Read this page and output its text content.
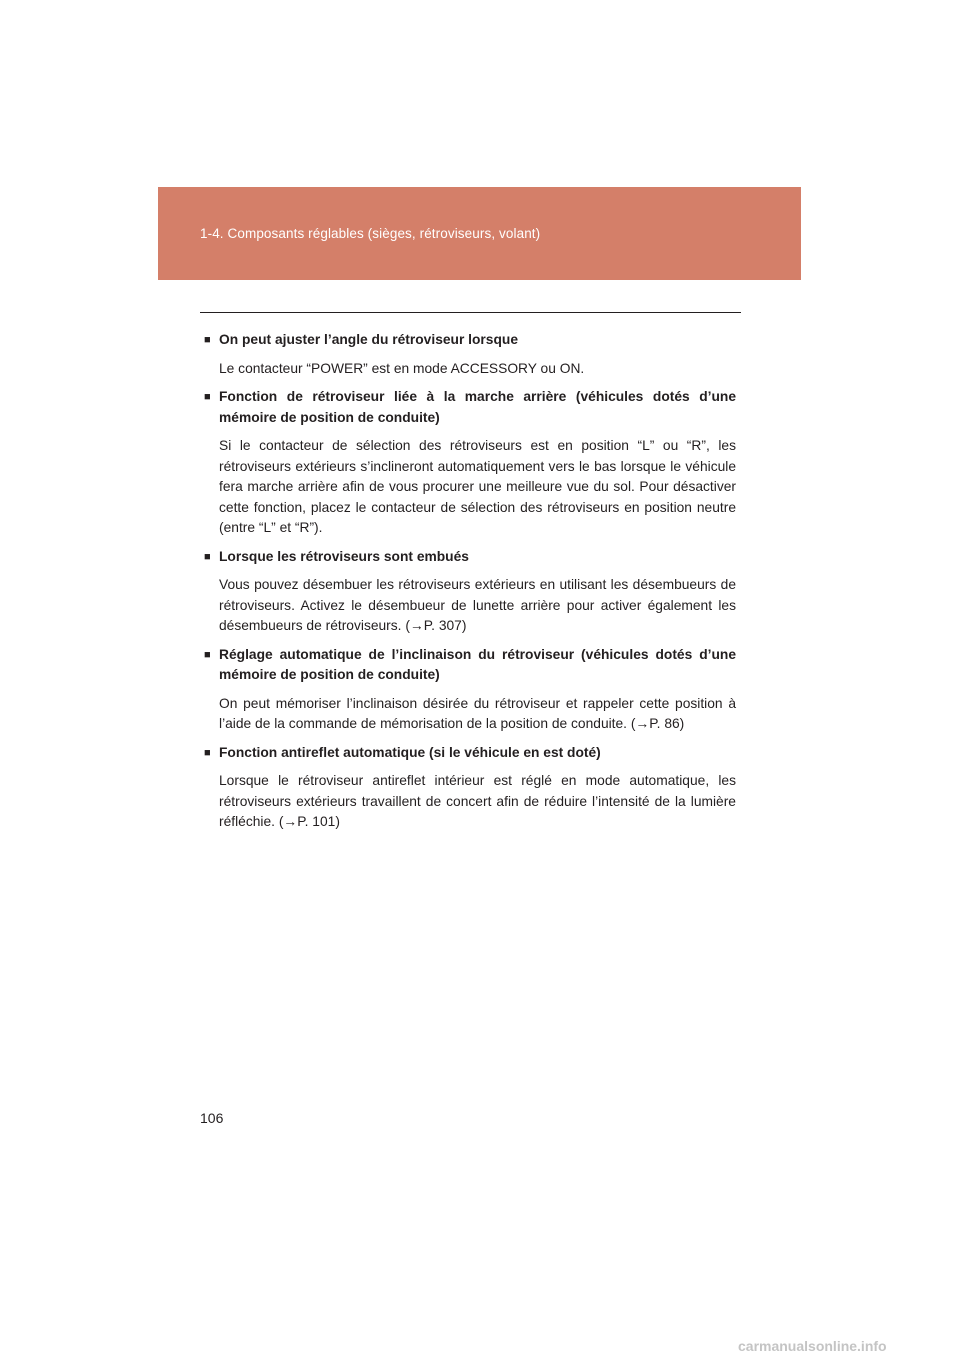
1-4. Composants réglables (sièges, rétroviseurs, volant)
■ On peut ajuster l’angle du rétroviseur lorsque
Le contacteur “POWER” est en mode ACCESSORY ou ON.
■ Fonction de rétroviseur liée à la marche arrière (véhicules dotés d’une mémoire de position de conduite)
Si le contacteur de sélection des rétroviseurs est en position “L” ou “R”, les rétroviseurs extérieurs s’inclineront automatiquement vers le bas lorsque le véhicule fera marche arrière afin de vous procurer une meilleure vue du sol. Pour désactiver cette fonction, placez le contacteur de sélection des rétroviseurs en position neutre (entre “L” et “R”).
■ Lorsque les rétroviseurs sont embués
Vous pouvez désembuer les rétroviseurs extérieurs en utilisant les désembueurs de rétroviseurs. Activez le désembueur de lunette arrière pour activer également les désembueurs de rétroviseurs. (→P. 307)
■ Réglage automatique de l’inclinaison du rétroviseur (véhicules dotés d’une mémoire de position de conduite)
On peut mémoriser l’inclinaison désirée du rétroviseur et rappeler cette position à l’aide de la commande de mémorisation de la position de conduite. (→P. 86)
■ Fonction antireflet automatique (si le véhicule en est doté)
Lorsque le rétroviseur antireflet intérieur est réglé en mode automatique, les rétroviseurs extérieurs travaillent de concert afin de réduire l’intensité de la lumière réfléchie. (→P. 101)
106
carmanualsonline.info
